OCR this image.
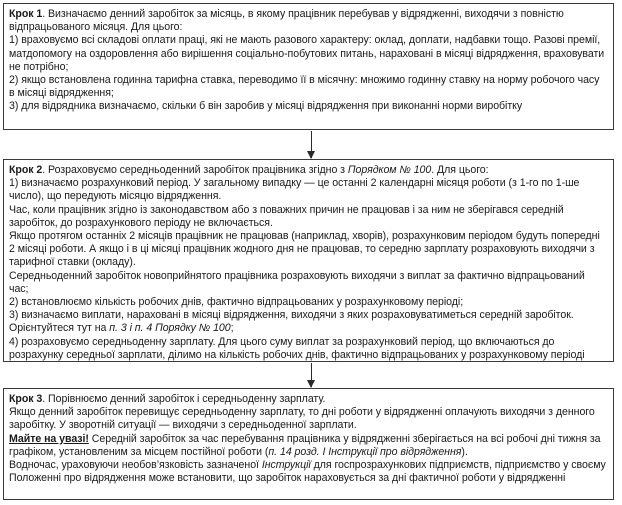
Крок 1. Визначаємо денний заробіток за місяць, в якому працівник перебував у відрядженні, виходячи з повністю відпрацьованого місяця. Для цього:

1) враховуємо всі складові оплати праці, які не мають разового характеру: оклад, доплати, надбавки тощо. Разові премії, матдопомогу на оздоровлення або вирішення соціально-побутових питань, нараховані в місяці відрядження, враховувати не потрібно;

2) якщо встановлена годинна тарифна ставка, переводимо її в місячну: множимо годинну ставку на норму робочого часу в місяці відрядження;

3) для відрядника визначаємо, скільки б він заробив у місяці відрядження при виконанні норми виробітку

Крок 2. Розраховуємо середньоденний заробіток працівника згідно з Порядком № 100. Для цього:

1) визначаємо розрахунковий період. У загальному випадку — це останні 2 календарні місяця роботи (з 1-го по 1-ше число), що передують місяцю відрядження.

Час, коли працівник згідно із законодавством або з поважних причин не працював і за ним не зберігався середній заробіток, до розрахункового періоду не включається.

Якщо протягом останніх 2 місяців працівник не працював (наприклад, хворів), розрахунковим періодом будуть попередні 2 місяці роботи. А якщо і в ці місяці працівник жодного дня не працював, то середню зарплату розраховують виходячи з тарифної ставки (окладу).

Середньоденний заробіток новоприйнятого працівника розраховують виходячи з виплат за фактично відпрацьований час;

2) встановлюємо кількість робочих днів, фактично відпрацьованих у розрахунковому періоді;

3) визначаємо виплати, нараховані в місяці відрядження, виходячи з яких розраховуватиметься середній заробіток.

Орієнтуйтеся тут на п. 3 і п. 4 Порядку № 100;

4) розраховуємо середньоденну зарплату. Для цього суму виплат за розрахунковий період, що включаються до розрахунку середньої зарплати, ділимо на кількість робочих днів, фактично відпрацьованих у розрахунковому періоді

Крок 3. Порівнюємо денний заробіток і середньоденну зарплату.

Якщо денний заробіток перевищує середньоденну зарплату, то дні роботи у відрядженні оплачують виходячи з денного заробітку. У зворотній ситуації — виходячи з середньоденної зарплати.

Майте на увазі! Середній заробіток за час перебування працівника у відрядженні зберігається на всі робочі дні тижня за графіком, установленим за місцем постійної роботи (п. 14 розд. І Інструкції про відрядження).

Водночас, ураховуючи необов’язковість зазначеної Інструкції для госпрозрахункових підприємств, підприємство у своєму Положенні про відрядження може встановити, що заробіток нараховується за дні фактичної роботи у відрядженні
